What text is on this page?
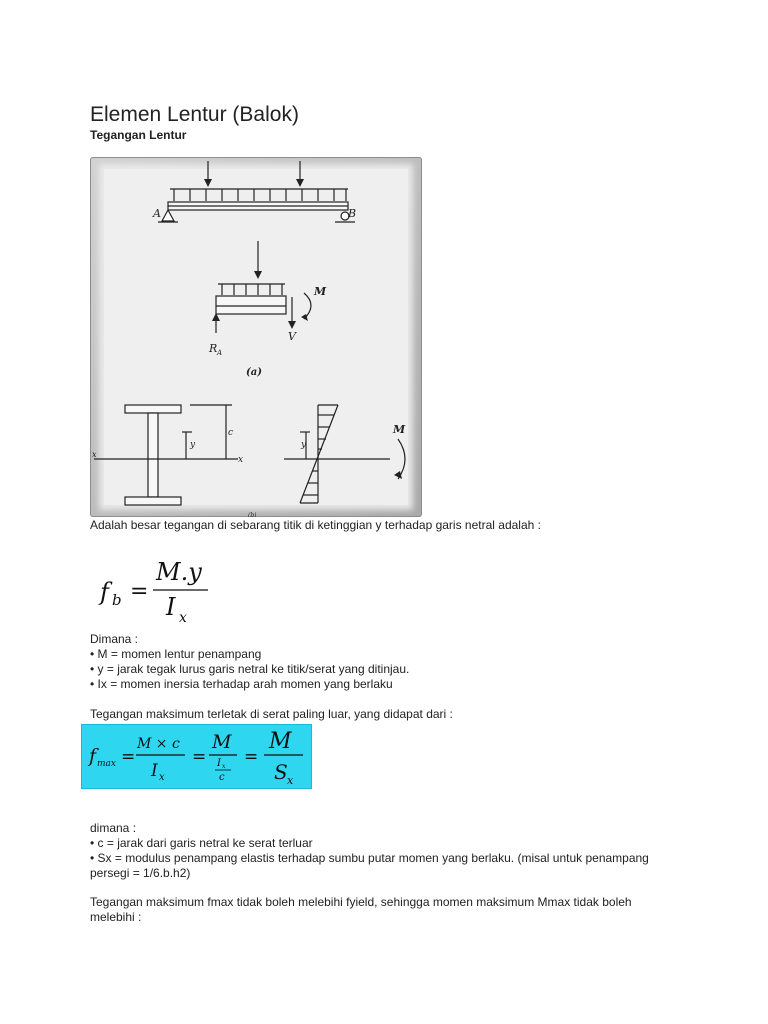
Elemen Lentur (Balok)
Tegangan Lentur
A	B
M
R A
V
(a)
c
y
x
x
y
M
(b)
Adalah besar tegangan di sebarang titik di ketinggian y terhadap garis netral adalah :
f b =
M.y
I x
Dimana :
• M = momen lentur penampang
• y = jarak tegak lurus garis netral ke titik/serat yang ditinjau.
• Ix = momen inersia terhadap arah momen yang berlaku
Tegangan maksimum terletak di serat paling luar, yang didapat dari :
f max =
M × c
I x
=
M
I x
c
=
M
S x
dimana :
• c = jarak dari garis netral ke serat terluar
• Sx = modulus penampang elastis terhadap sumbu putar momen yang berlaku. (misal untuk penampang
persegi = 1/6.b.h2)
Tegangan maksimum fmax tidak boleh melebihi fyield, sehingga momen maksimum Mmax tidak boleh
melebihi :
